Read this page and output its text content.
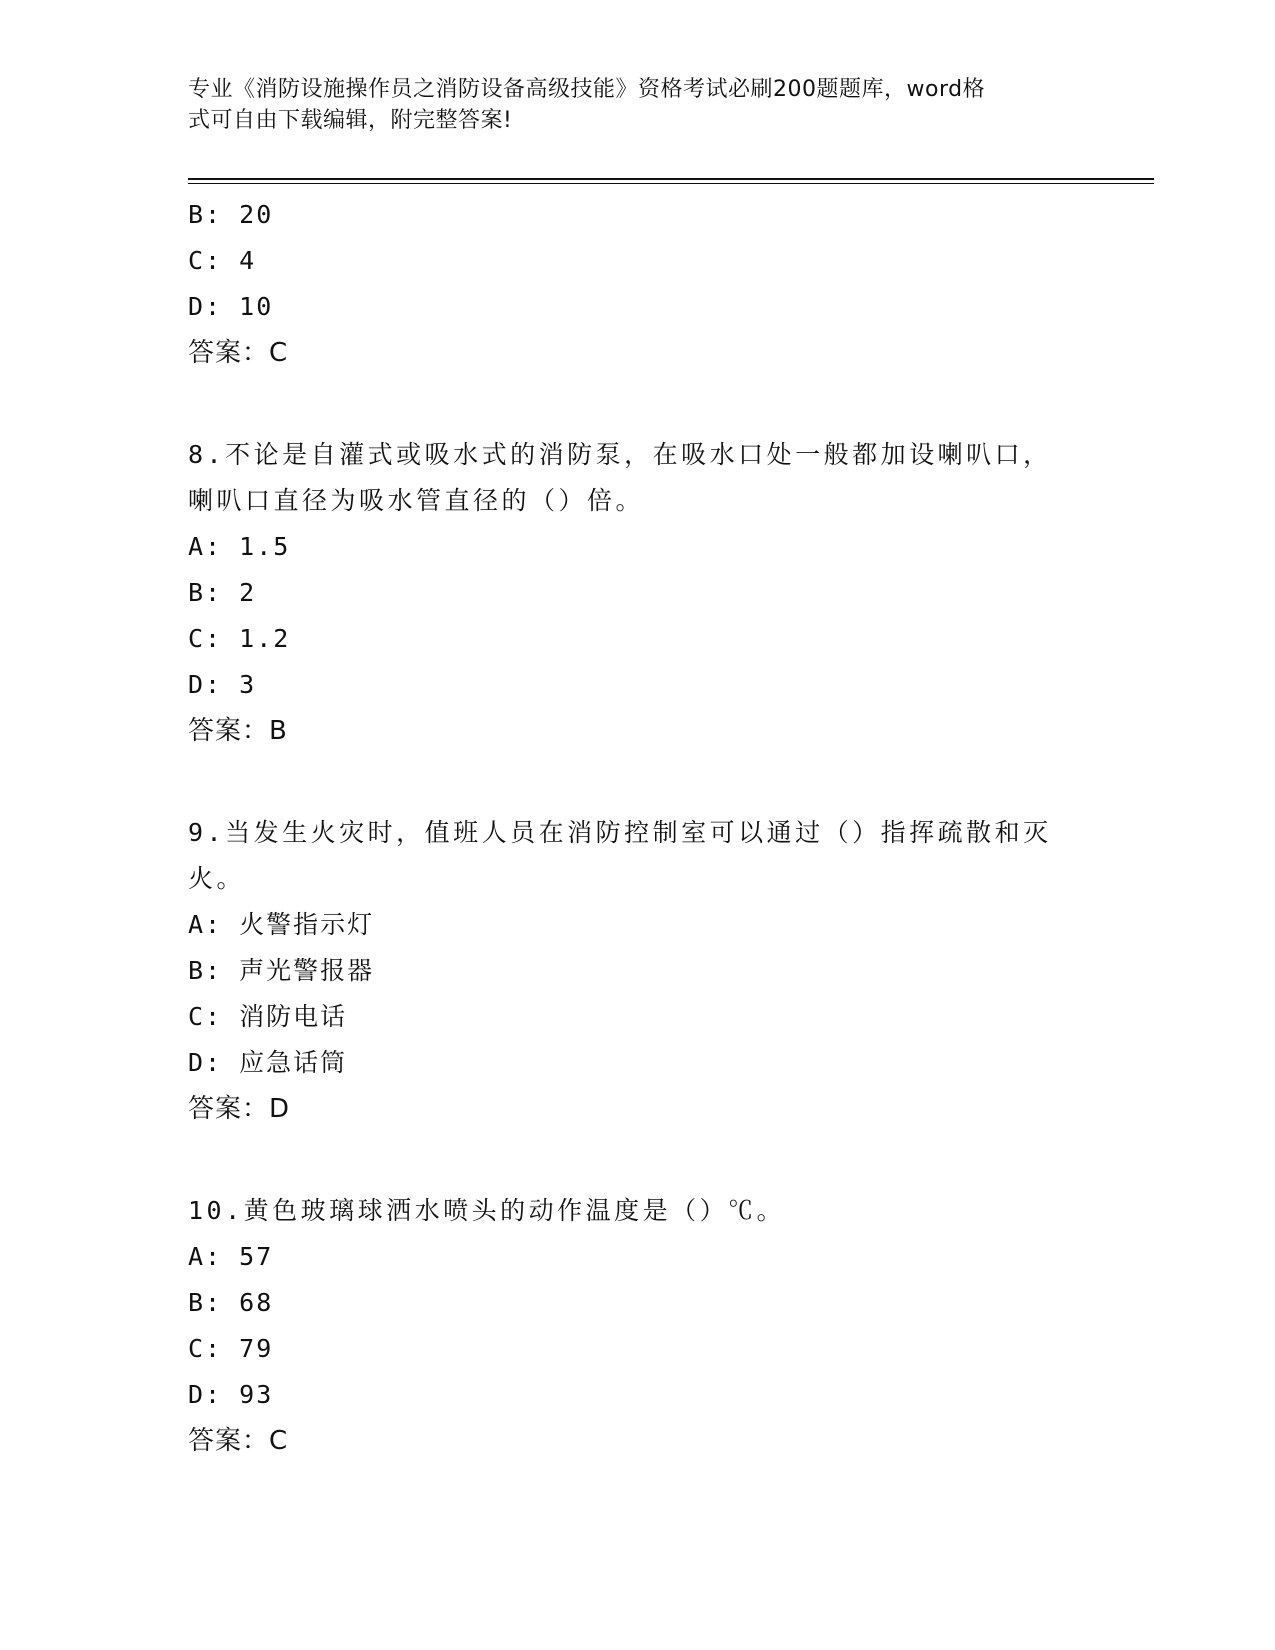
专业《消防设施操作员之消防设备高级技能》资格考试必刷200题题库，word格
式可自由下载编辑，附完整答案!
B: 20
C: 4
D: 10
答案：C
8.不论是自灌式或吸水式的消防泵，在吸水口处一般都加设喇叭口，
喇叭口直径为吸水管直径的（）倍。
A: 1.5
B: 2
C: 1.2
D: 3
答案：B
9.当发生火灾时，值班人员在消防控制室可以通过（）指挥疏散和灭
火。
A: 火警指示灯
B: 声光警报器
C: 消防电话
D: 应急话筒
答案：D
10.黄色玻璃球洒水喷头的动作温度是（）℃。
A: 57
B: 68
C: 79
D: 93
答案：C
